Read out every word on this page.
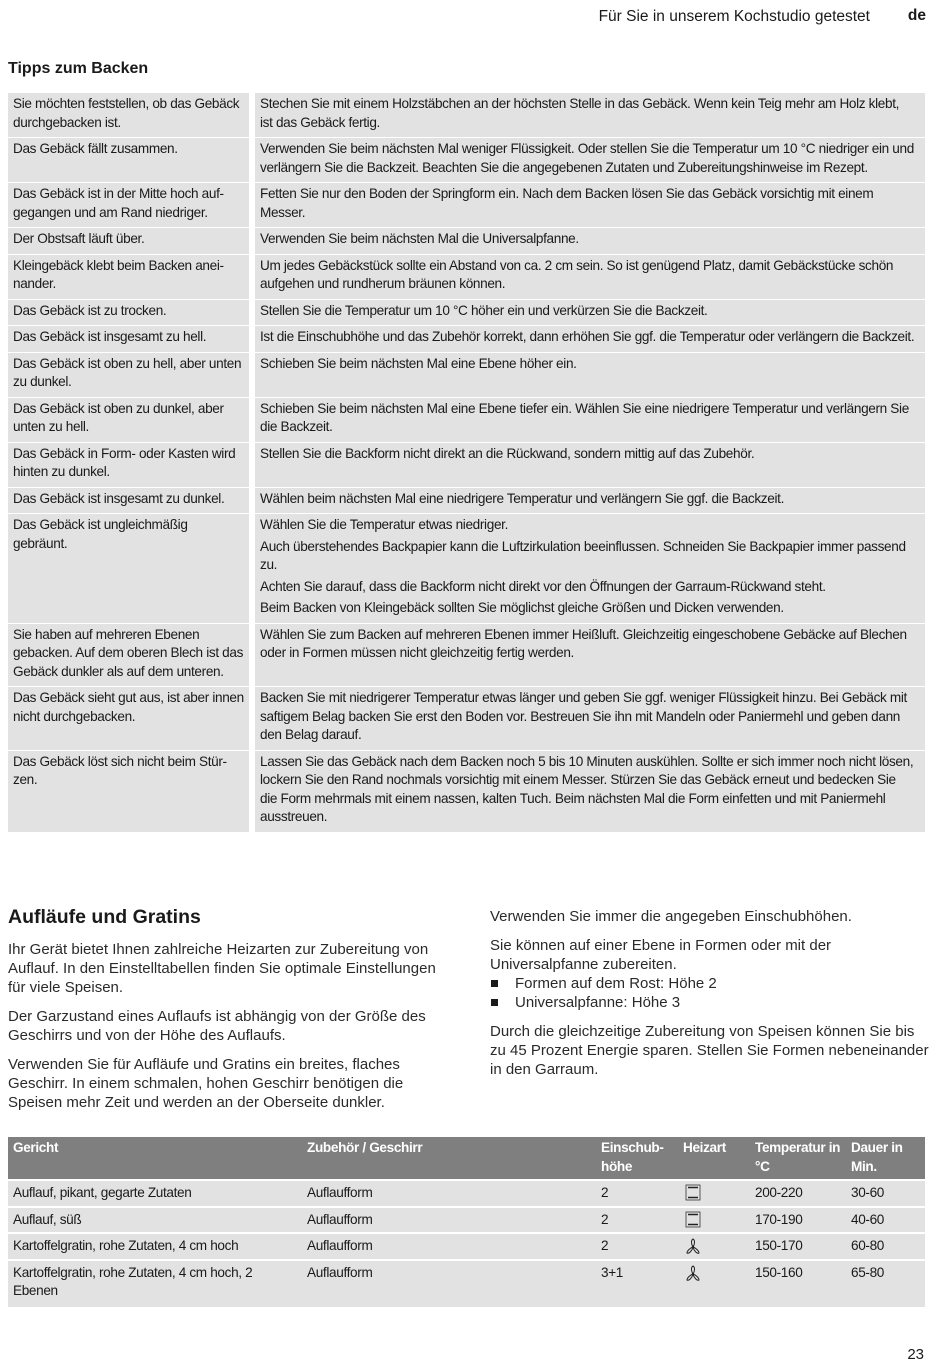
Für Sie in unserem Kochstudio getestet de
Tipps zum Backen
Sie möchten feststellen, ob das Gebäck durchgebacken ist.	Stechen Sie mit einem Holzstäbchen an der höchsten Stelle in das Gebäck. Wenn kein Teig mehr am Holz klebt, ist das Gebäck fertig.

Das Gebäck fällt zusammen.	Verwenden Sie beim nächsten Mal weniger Flüssigkeit. Oder stellen Sie die Temperatur um 10 °C niedriger ein und verlängern Sie die Backzeit. Beachten Sie die angegebenen Zutaten und Zubereitungshinweise im Rezept.

Das Gebäck ist in der Mitte hoch aufgegangen und am Rand niedriger.	Fetten Sie nur den Boden der Springform ein. Nach dem Backen lösen Sie das Gebäck vorsichtig mit einem Messer.

Der Obstsaft läuft über.	Verwenden Sie beim nächsten Mal die Universalpfanne.

Kleingebäck klebt beim Backen aneinander.	Um jedes Gebäckstück sollte ein Abstand von ca. 2 cm sein. So ist genügend Platz, damit Gebäckstücke schön aufgehen und rundherum bräunen können.

Das Gebäck ist zu trocken.	Stellen Sie die Temperatur um 10 °C höher ein und verkürzen Sie die Backzeit.

Das Gebäck ist insgesamt zu hell.	Ist die Einschubhöhe und das Zubehör korrekt, dann erhöhen Sie ggf. die Temperatur oder verlängern die Backzeit.

Das Gebäck ist oben zu hell, aber unten zu dunkel.	Schieben Sie beim nächsten Mal eine Ebene höher ein.

Das Gebäck ist oben zu dunkel, aber unten zu hell.	Schieben Sie beim nächsten Mal eine Ebene tiefer ein. Wählen Sie eine niedrigere Temperatur und verlängern Sie die Backzeit.

Das Gebäck in Form- oder Kasten wird hinten zu dunkel.	Stellen Sie die Backform nicht direkt an die Rückwand, sondern mittig auf das Zubehör.

Das Gebäck ist insgesamt zu dunkel.	Wählen beim nächsten Mal eine niedrigere Temperatur und verlängern Sie ggf. die Backzeit.

Das Gebäck ist ungleichmäßig gebräunt.	Wählen Sie die Temperatur etwas niedriger.
Auch überstehendes Backpapier kann die Luftzirkulation beeinflussen. Schneiden Sie Backpapier immer passend zu.
Achten Sie darauf, dass die Backform nicht direkt vor den Öffnungen der Garraum-Rückwand steht.
Beim Backen von Kleingebäck sollten Sie möglichst gleiche Größen und Dicken verwenden.

Sie haben auf mehreren Ebenen gebacken. Auf dem oberen Blech ist das Gebäck dunkler als auf dem unteren.	Wählen Sie zum Backen auf mehreren Ebenen immer Heißluft. Gleichzeitig eingeschobene Gebäcke auf Blechen oder in Formen müssen nicht gleichzeitig fertig werden.

Das Gebäck sieht gut aus, ist aber innen nicht durchgebacken.	Backen Sie mit niedrigerer Temperatur etwas länger und geben Sie ggf. weniger Flüssigkeit hinzu. Bei Gebäck mit saftigem Belag backen Sie erst den Boden vor. Bestreuen Sie ihn mit Mandeln oder Paniermehl und geben dann den Belag darauf.

Das Gebäck löst sich nicht beim Stürzen.	Lassen Sie das Gebäck nach dem Backen noch 5 bis 10 Minuten auskühlen. Sollte er sich immer noch nicht lösen, lockern Sie den Rand nochmals vorsichtig mit einem Messer. Stürzen Sie das Gebäck erneut und bedecken Sie die Form mehrmals mit einem nassen, kalten Tuch. Beim nächsten Mal die Form einfetten und mit Paniermehl ausstreuen.
Aufläufe und Gratins

Ihr Gerät bietet Ihnen zahlreiche Heizarten zur Zubereitung von Auflauf. In den Einstelltabellen finden Sie optimale Einstellungen für viele Speisen.

Der Garzustand eines Auflaufs ist abhängig von der Größe des Geschirrs und von der Höhe des Auflaufs.

Verwenden Sie für Aufläufe und Gratins ein breites, flaches Geschirr. In einem schmalen, hohen Geschirr benötigen die Speisen mehr Zeit und werden an der Oberseite dunkler.

Verwenden Sie immer die angegeben Einschubhöhen.

Sie können auf einer Ebene in Formen oder mit der Universalpfanne zubereiten.

Formen auf dem Rost: Höhe 2
Universalpfanne: Höhe 3

Durch die gleichzeitige Zubereitung von Speisen können Sie bis zu 45 Prozent Energie sparen. Stellen Sie Formen nebeneinander in den Garraum.

Gericht	Zubehör / Geschirr	Einschubhöhe	Heizart	Temperatur in °C	Dauer in Min.
Auflauf, pikant, gegarte Zutaten	Auflaufform	2		200-220	30-60
Auflauf, süß	Auflaufform	2		170-190	40-60
Kartoffelgratin, rohe Zutaten, 4 cm hoch	Auflaufform	2		150-170	60-80
Kartoffelgratin, rohe Zutaten, 4 cm hoch, 2 Ebenen	Auflaufform	3+1		150-160	65-80
23
